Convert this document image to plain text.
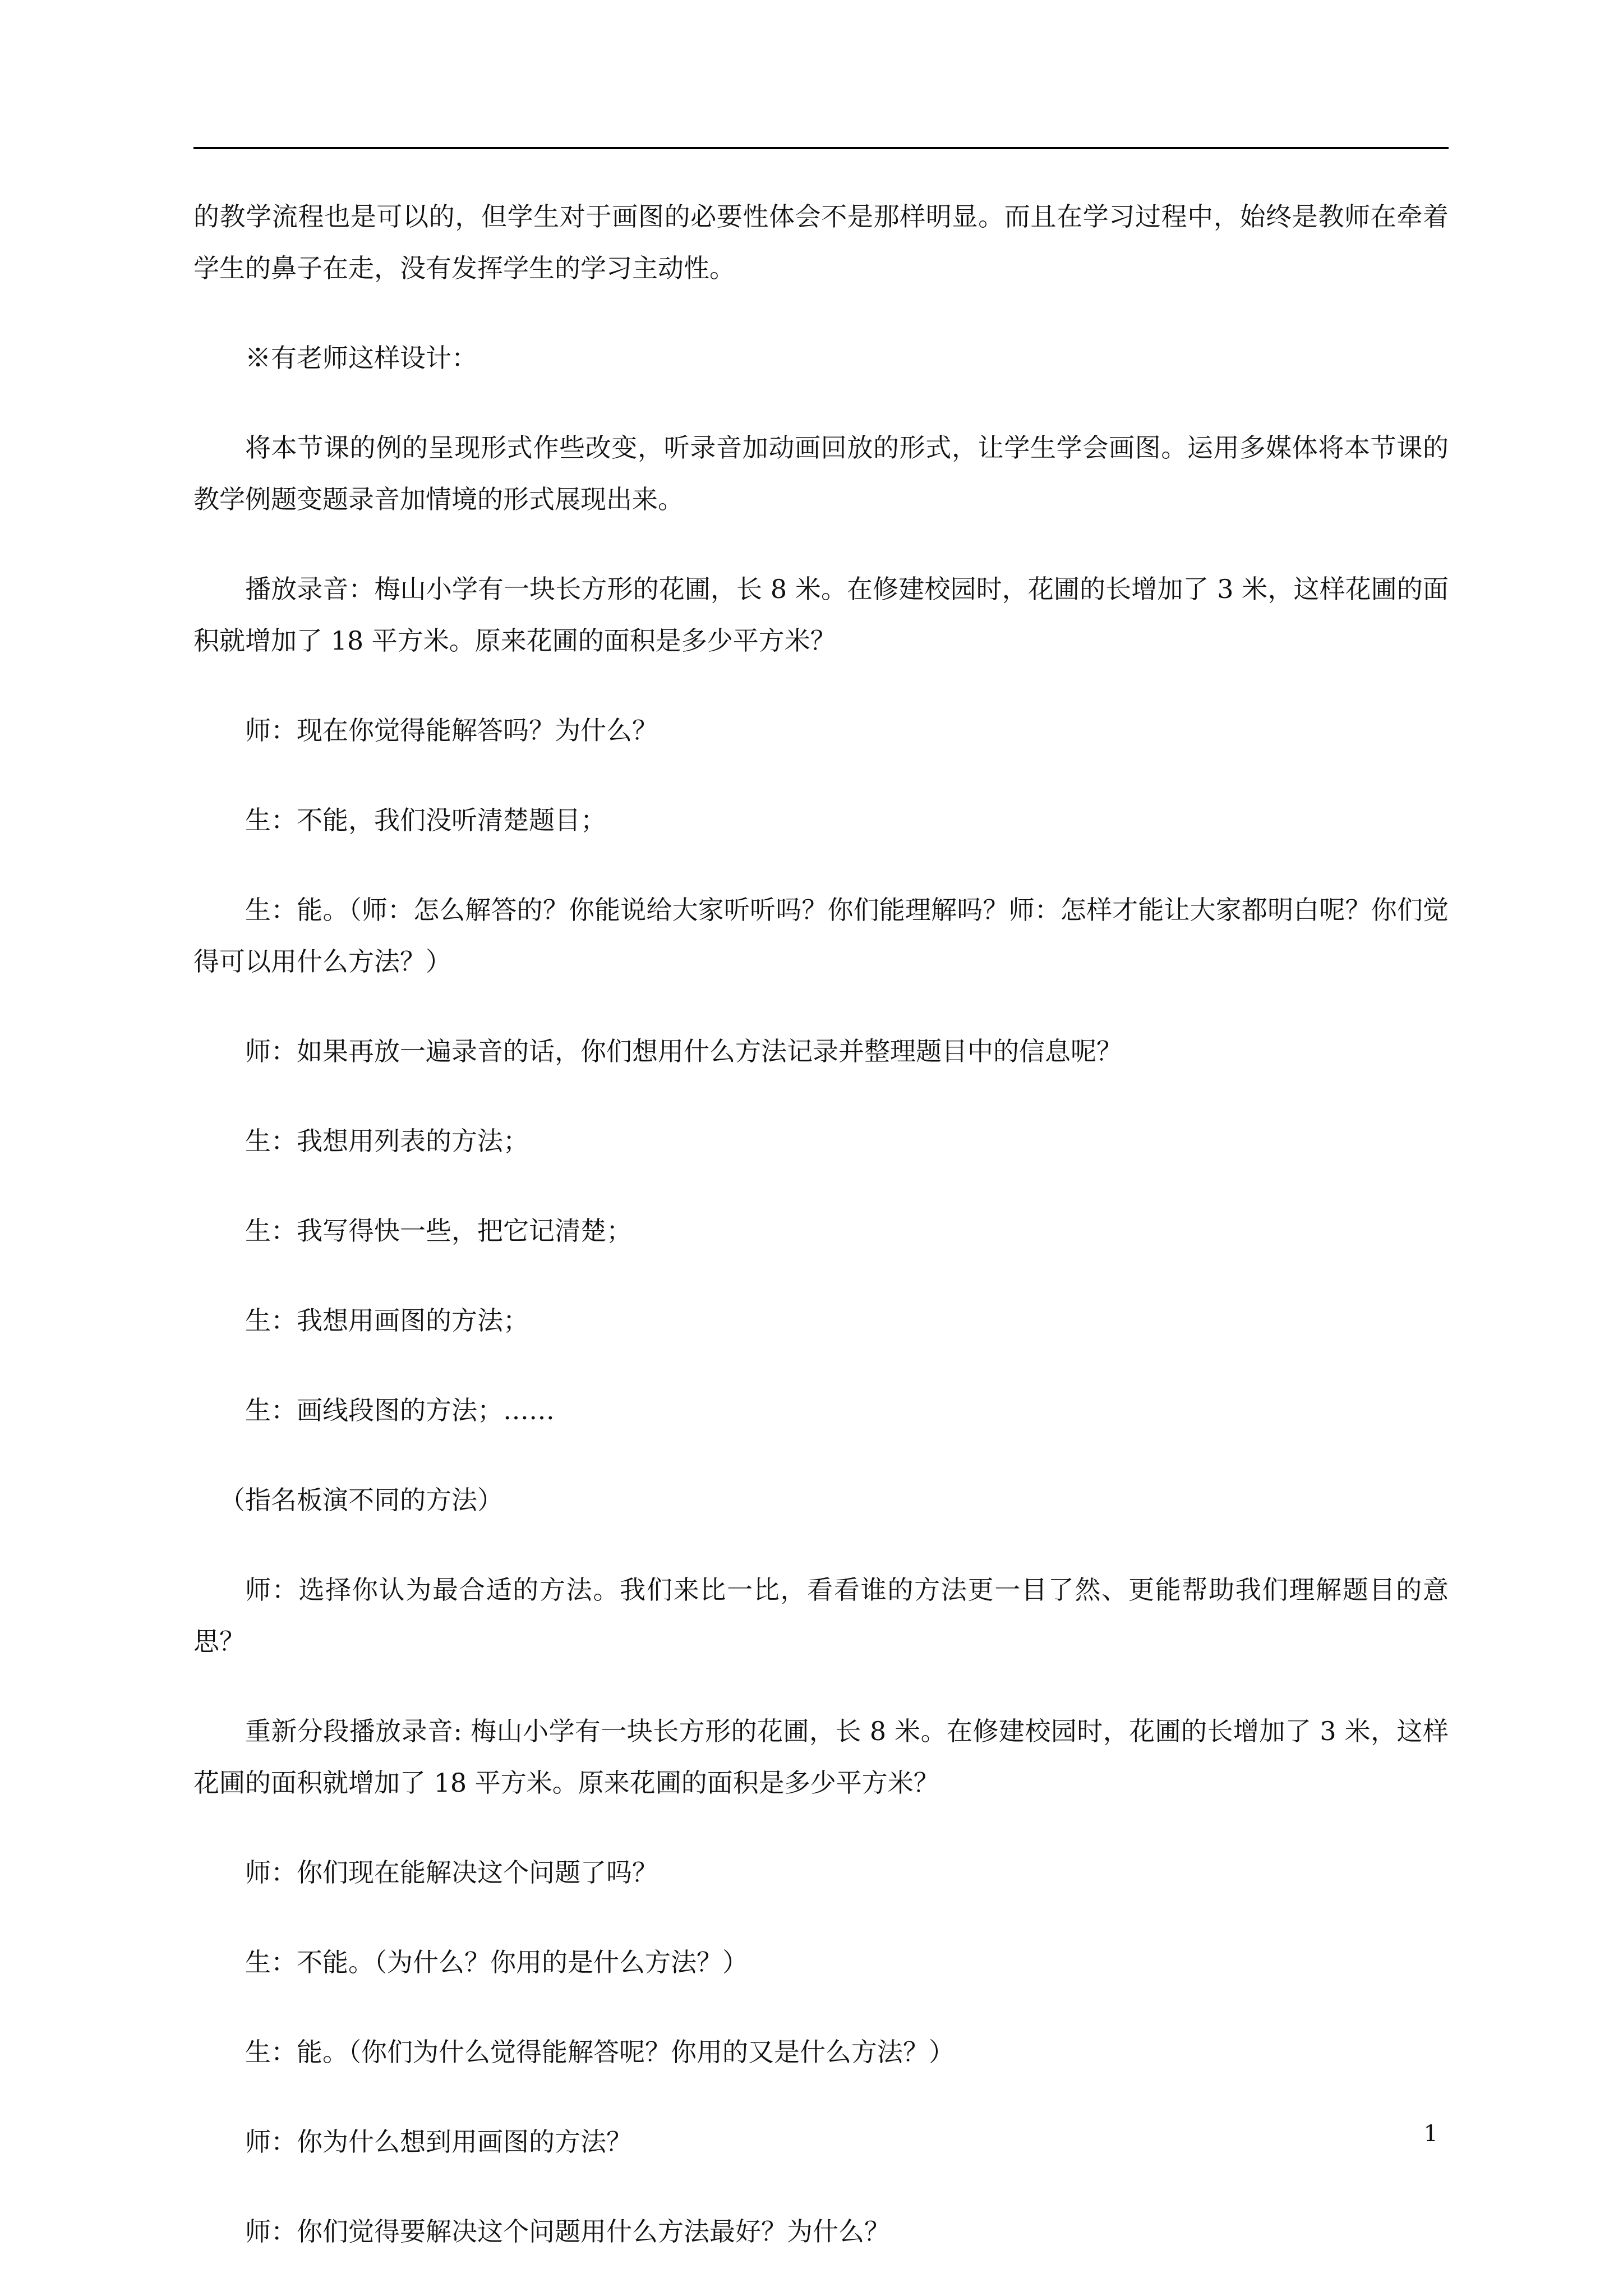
的教学流程也是可以的，但学生对于画图的必要性体会不是那样明显。而且在学习过程中，始终是教师在牵着学生的鼻子在走，没有发挥学生的学习主动性。

※有老师这样设计：

将本节课的例的呈现形式作些改变，听录音加动画回放的形式，让学生学会画图。运用多媒体将本节课的教学例题变题录音加情境的形式展现出来。

播放录音：梅山小学有一块长方形的花圃，长 8 米。在修建校园时，花圃的长增加了 3 米，这样花圃的面积就增加了 18 平方米。原来花圃的面积是多少平方米？

师：现在你觉得能解答吗？为什么？

生：不能，我们没听清楚题目；

生：能。（师：怎么解答的？你能说给大家听听吗？你们能理解吗？师：怎样才能让大家都明白呢？你们觉得可以用什么方法？）

师：如果再放一遍录音的话，你们想用什么方法记录并整理题目中的信息呢？

生：我想用列表的方法；

生：我写得快一些，把它记清楚；

生：我想用画图的方法；

生：画线段图的方法；……

（指名板演不同的方法）

师：选择你认为最合适的方法。我们来比一比，看看谁的方法更一目了然、更能帮助我们理解题目的意思？

重新分段播放录音: 梅山小学有一块长方形的花圃，长 8 米。在修建校园时，花圃的长增加了 3 米，这样花圃的面积就增加了 18 平方米。原来花圃的面积是多少平方米？

师：你们现在能解决这个问题了吗？

生：不能。（为什么？你用的是什么方法？）

生：能。（你们为什么觉得能解答呢？你用的又是什么方法？）

师：你为什么想到用画图的方法？

师：你们觉得要解决这个问题用什么方法最好？为什么？

1
